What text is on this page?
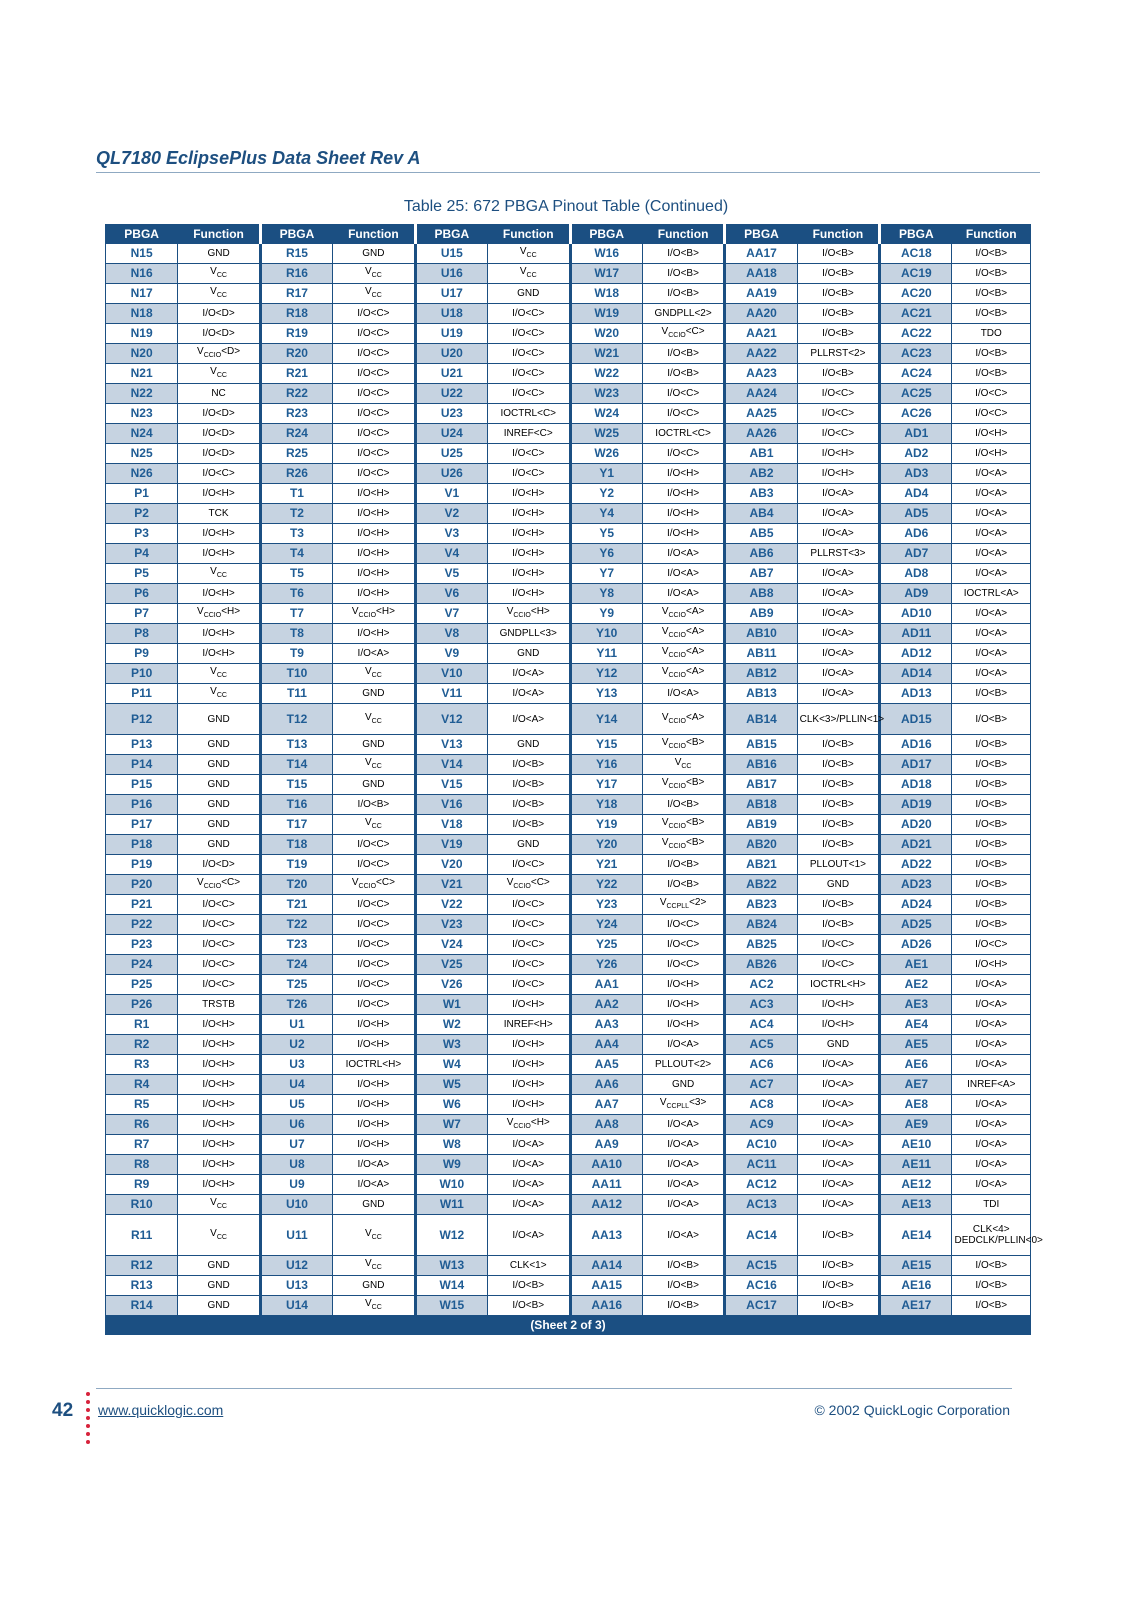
QL7180 EclipsePlus Data Sheet Rev A
Table 25: 672 PBGA Pinout Table (Continued)
PBGA	Function	PBGA	Function	PBGA	Function	PBGA	Function	PBGA	Function	PBGA	Function
N15	GND	R15	GND	U15	$V_{CC}$	W16	I/O<B>	AA17	I/O<B>	AC18	I/O<B>
N16	$V_{CC}$	R16	$V_{CC}$	U16	$V_{CC}$	W17	I/O<B>	AA18	I/O<B>	AC19	I/O<B>
N17	$V_{CC}$	R17	$V_{CC}$	U17	GND	W18	I/O<B>	AA19	I/O<B>	AC20	I/O<B>
N18	I/O<D>	R18	I/O<C>	U18	I/O<C>	W19	GNDPLL<2>	AA20	I/O<B>	AC21	I/O<B>
N19	I/O<D>	R19	I/O<C>	U19	I/O<C>	W20	$V_{CCIO}<C>$	AA21	I/O<B>	AC22	TDO
N20	$V_{CCIO}<D>$	R20	I/O<C>	U20	I/O<C>	W21	I/O<B>	AA22	PLLRST<2>	AC23	I/O<B>
N21	$V_{CC}$	R21	I/O<C>	U21	I/O<C>	W22	I/O<B>	AA23	I/O<B>	AC24	I/O<B>
N22	NC	R22	I/O<C>	U22	I/O<C>	W23	I/O<C>	AA24	I/O<C>	AC25	I/O<C>
N23	I/O<D>	R23	I/O<C>	U23	IOCTRL<C>	W24	I/O<C>	AA25	I/O<C>	AC26	I/O<C>
N24	I/O<D>	R24	I/O<C>	U24	INREF<C>	W25	IOCTRL<C>	AA26	I/O<C>	AD1	I/O<H>
N25	I/O<D>	R25	I/O<C>	U25	I/O<C>	W26	I/O<C>	AB1	I/O<H>	AD2	I/O<H>
N26	I/O<C>	R26	I/O<C>	U26	I/O<C>	Y1	I/O<H>	AB2	I/O<H>	AD3	I/O<A>
P1	I/O<H>	T1	I/O<H>	V1	I/O<H>	Y2	I/O<H>	AB3	I/O<A>	AD4	I/O<A>
P2	TCK	T2	I/O<H>	V2	I/O<H>	Y4	I/O<H>	AB4	I/O<A>	AD5	I/O<A>
P3	I/O<H>	T3	I/O<H>	V3	I/O<H>	Y5	I/O<H>	AB5	I/O<A>	AD6	I/O<A>
P4	I/O<H>	T4	I/O<H>	V4	I/O<H>	Y6	I/O<A>	AB6	PLLRST<3>	AD7	I/O<A>
P5	$V_{CC}$	T5	I/O<H>	V5	I/O<H>	Y7	I/O<A>	AB7	I/O<A>	AD8	I/O<A>
P6	I/O<H>	T6	I/O<H>	V6	I/O<H>	Y8	I/O<A>	AB8	I/O<A>	AD9	IOCTRL<A>
P7	$V_{CCIO}<H>$	T7	$V_{CCIO}<H>$	V7	$V_{CCIO}<H>$	Y9	$V_{CCIO}<A>$	AB9	I/O<A>	AD10	I/O<A>
P8	I/O<H>	T8	I/O<H>	V8	GNDPLL<3>	Y10	$V_{CCIO}<A>$	AB10	I/O<A>	AD11	I/O<A>
P9	I/O<H>	T9	I/O<A>	V9	GND	Y11	$V_{CCIO}<A>$	AB11	I/O<A>	AD12	I/O<A>
P10	$V_{CC}$	T10	$V_{CC}$	V10	I/O<A>	Y12	$V_{CCIO}<A>$	AB12	I/O<A>	AD14	I/O<A>
P11	$V_{CC}$	T11	GND	V11	I/O<A>	Y13	I/O<A>	AB13	I/O<A>	AD13	I/O<B>
P12	GND	T12	$V_{CC}$	V12	I/O<A>	Y14	$V_{CCIO}<A>$	AB14	CLK<3>/PLLIN<1>	AD15	I/O<B>
P13	GND	T13	GND	V13	GND	Y15	$V_{CCIO}<B>$	AB15	I/O<B>	AD16	I/O<B>
P14	GND	T14	$V_{CC}$	V14	I/O<B>	Y16	$V_{CC}$	AB16	I/O<B>	AD17	I/O<B>
P15	GND	T15	GND	V15	I/O<B>	Y17	$V_{CCIO}<B>$	AB17	I/O<B>	AD18	I/O<B>
P16	GND	T16	I/O<B>	V16	I/O<B>	Y18	I/O<B>	AB18	I/O<B>	AD19	I/O<B>
P17	GND	T17	$V_{CC}$	V18	I/O<B>	Y19	$V_{CCIO}<B>$	AB19	I/O<B>	AD20	I/O<B>
P18	GND	T18	I/O<C>	V19	GND	Y20	$V_{CCIO}<B>$	AB20	I/O<B>	AD21	I/O<B>
P19	I/O<D>	T19	I/O<C>	V20	I/O<C>	Y21	I/O<B>	AB21	PLLOUT<1>	AD22	I/O<B>
P20	$V_{CCIO}<C>$	T20	$V_{CCIO}<C>$	V21	$V_{CCIO}<C>$	Y22	I/O<B>	AB22	GND	AD23	I/O<B>
P21	I/O<C>	T21	I/O<C>	V22	I/O<C>	Y23	$V_{CCPLL}<2>$	AB23	I/O<B>	AD24	I/O<B>
P22	I/O<C>	T22	I/O<C>	V23	I/O<C>	Y24	I/O<C>	AB24	I/O<B>	AD25	I/O<B>
P23	I/O<C>	T23	I/O<C>	V24	I/O<C>	Y25	I/O<C>	AB25	I/O<C>	AD26	I/O<C>
P24	I/O<C>	T24	I/O<C>	V25	I/O<C>	Y26	I/O<C>	AB26	I/O<C>	AE1	I/O<H>
P25	I/O<C>	T25	I/O<C>	V26	I/O<C>	AA1	I/O<H>	AC2	IOCTRL<H>	AE2	I/O<A>
P26	TRSTB	T26	I/O<C>	W1	I/O<H>	AA2	I/O<H>	AC3	I/O<H>	AE3	I/O<A>
R1	I/O<H>	U1	I/O<H>	W2	INREF<H>	AA3	I/O<H>	AC4	I/O<H>	AE4	I/O<A>
R2	I/O<H>	U2	I/O<H>	W3	I/O<H>	AA4	I/O<A>	AC5	GND	AE5	I/O<A>
R3	I/O<H>	U3	IOCTRL<H>	W4	I/O<H>	AA5	PLLOUT<2>	AC6	I/O<A>	AE6	I/O<A>
R4	I/O<H>	U4	I/O<H>	W5	I/O<H>	AA6	GND	AC7	I/O<A>	AE7	INREF<A>
R5	I/O<H>	U5	I/O<H>	W6	I/O<H>	AA7	$V_{CCPLL}<3>$	AC8	I/O<A>	AE8	I/O<A>
R6	I/O<H>	U6	I/O<H>	W7	$V_{CCIO}<H>$	AA8	I/O<A>	AC9	I/O<A>	AE9	I/O<A>
R7	I/O<H>	U7	I/O<H>	W8	I/O<A>	AA9	I/O<A>	AC10	I/O<A>	AE10	I/O<A>
R8	I/O<H>	U8	I/O<A>	W9	I/O<A>	AA10	I/O<A>	AC11	I/O<A>	AE11	I/O<A>
R9	I/O<H>	U9	I/O<A>	W10	I/O<A>	AA11	I/O<A>	AC12	I/O<A>	AE12	I/O<A>
R10	$V_{CC}$	U10	GND	W11	I/O<A>	AA12	I/O<A>	AC13	I/O<A>	AE13	TDI
R11	$V_{CC}$	U11	$V_{CC}$	W12	I/O<A>	AA13	I/O<A>	AC14	I/O<B>	AE14	CLK<4> DEDCLK/PLLIN<0>
R12	GND	U12	$V_{CC}$	W13	CLK<1>	AA14	I/O<B>	AC15	I/O<B>	AE15	I/O<B>
R13	GND	U13	GND	W14	I/O<B>	AA15	I/O<B>	AC16	I/O<B>	AE16	I/O<B>
R14	GND	U14	$V_{CC}$	W15	I/O<B>	AA16	I/O<B>	AC17	I/O<B>	AE17	I/O<B>
(Sheet 2 of 3)											
42 www.quicklogic.com	© 2002 QuickLogic Corporation
